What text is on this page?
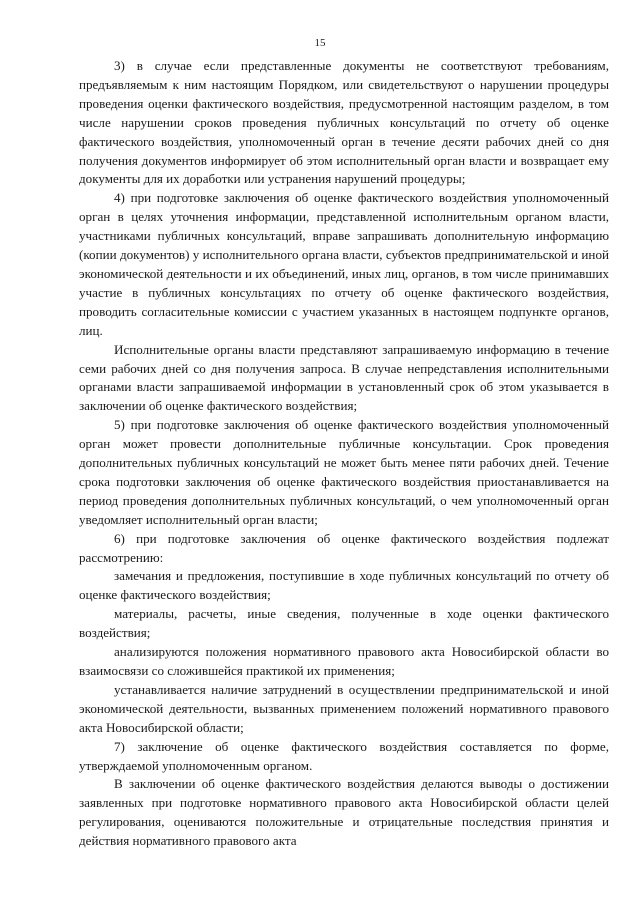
15

3) в случае если представленные документы не соответствуют требованиям, предъявляемым к ним настоящим Порядком, или свидетельствуют о нарушении процедуры проведения оценки фактического воздействия, предусмотренной настоящим разделом, в том числе нарушении сроков проведения публичных консультаций по отчету об оценке фактического воздействия, уполномоченный орган в течение десяти рабочих дней со дня получения документов информирует об этом исполнительный орган власти и возвращает ему документы для их доработки или устранения нарушений процедуры;

4) при подготовке заключения об оценке фактического воздействия уполномоченный орган в целях уточнения информации, представленной исполнительным органом власти, участниками публичных консультаций, вправе запрашивать дополнительную информацию (копии документов) у исполнительного органа власти, субъектов предпринимательской и иной экономической деятельности и их объединений, иных лиц, органов, в том числе принимавших участие в публичных консультациях по отчету об оценке фактического воздействия, проводить согласительные комиссии с участием указанных в настоящем подпункте органов, лиц.

Исполнительные органы власти представляют запрашиваемую информацию в течение семи рабочих дней со дня получения запроса. В случае непредставления исполнительными органами власти запрашиваемой информации в установленный срок об этом указывается в заключении об оценке фактического воздействия;

5) при подготовке заключения об оценке фактического воздействия уполномоченный орган может провести дополнительные публичные консультации. Срок проведения дополнительных публичных консультаций не может быть менее пяти рабочих дней. Течение срока подготовки заключения об оценке фактического воздействия приостанавливается на период проведения дополнительных публичных консультаций, о чем уполномоченный орган уведомляет исполнительный орган власти;

6) при подготовке заключения об оценке фактического воздействия подлежат рассмотрению:

замечания и предложения, поступившие в ходе публичных консультаций по отчету об оценке фактического воздействия;

материалы, расчеты, иные сведения, полученные в ходе оценки фактического воздействия;

анализируются положения нормативного правового акта Новосибирской области во взаимосвязи со сложившейся практикой их применения;

устанавливается наличие затруднений в осуществлении предпринимательской и иной экономической деятельности, вызванных применением положений нормативного правового акта Новосибирской области;

7) заключение об оценке фактического воздействия составляется по форме, утверждаемой уполномоченным органом.

В заключении об оценке фактического воздействия делаются выводы о достижении заявленных при подготовке нормативного правового акта Новосибирской области целей регулирования, оцениваются положительные и отрицательные последствия принятия и действия нормативного правового акта
